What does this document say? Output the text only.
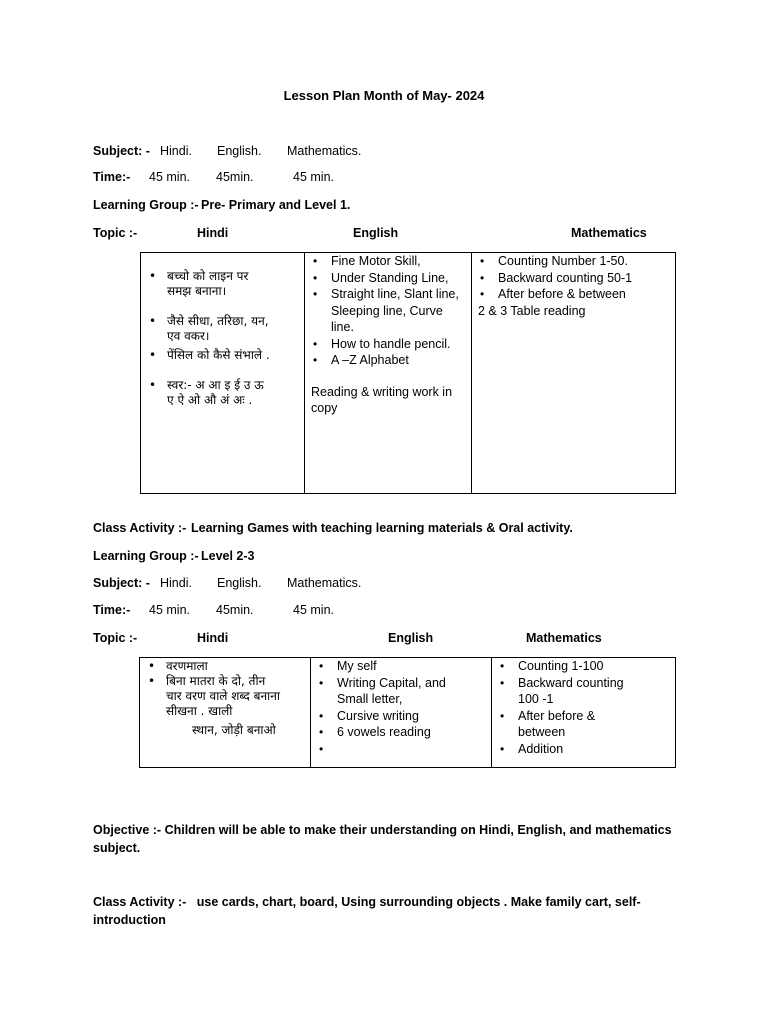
Lesson Plan Month of May- 2024
Subject: - Hindi. English. Mathematics.
Time:- 45 min. 45min.	45 min.
Learning Group :- Pre- Primary and Level 1.
Topic :-	Hindi	English	Mathematics
• बच्चो को लाइन पर समझ बनाना।
• जैसे सीधा, तरिछा, यन, एव वकर।
• पेंसिल को कैसे संभाले .
• स्वर:- अ आ इ ई उ ऊ ए ऐ ओ औ अं अः .

• Fine Motor Skill,
• Under Standing Line,
• Straight line, Slant line, Sleeping line, Curve line.
• How to handle pencil.
• A –Z Alphabet
Reading & writing work in copy

• Counting Number 1-50.
• Backward counting 50-1
• After before & between
2 & 3 Table reading
Class Activity :- Learning Games with teaching learning materials & Oral activity.
Learning Group :- Level 2-3
Subject: - Hindi. English. Mathematics.
Time:- 45 min. 45min.	45 min.
Topic :-	Hindi	English	Mathematics
• वरणमाला
• बिना मातरा के दो, तीन चार वरण वाले शब्द बनाना सीखना . खाली
स्थान, जोड़ी बनाओ

• My self
• Writing Capital, and Small letter,
• Cursive writing
• 6 vowels reading
•

• Counting 1-100
• Backward counting 100 -1
• After before & between
• Addition
Objective :- Children will be able to make their understanding on Hindi, English, and mathematics subject.
Class Activity :- use cards, chart, board, Using surrounding objects . Make family cart, self-introduction
